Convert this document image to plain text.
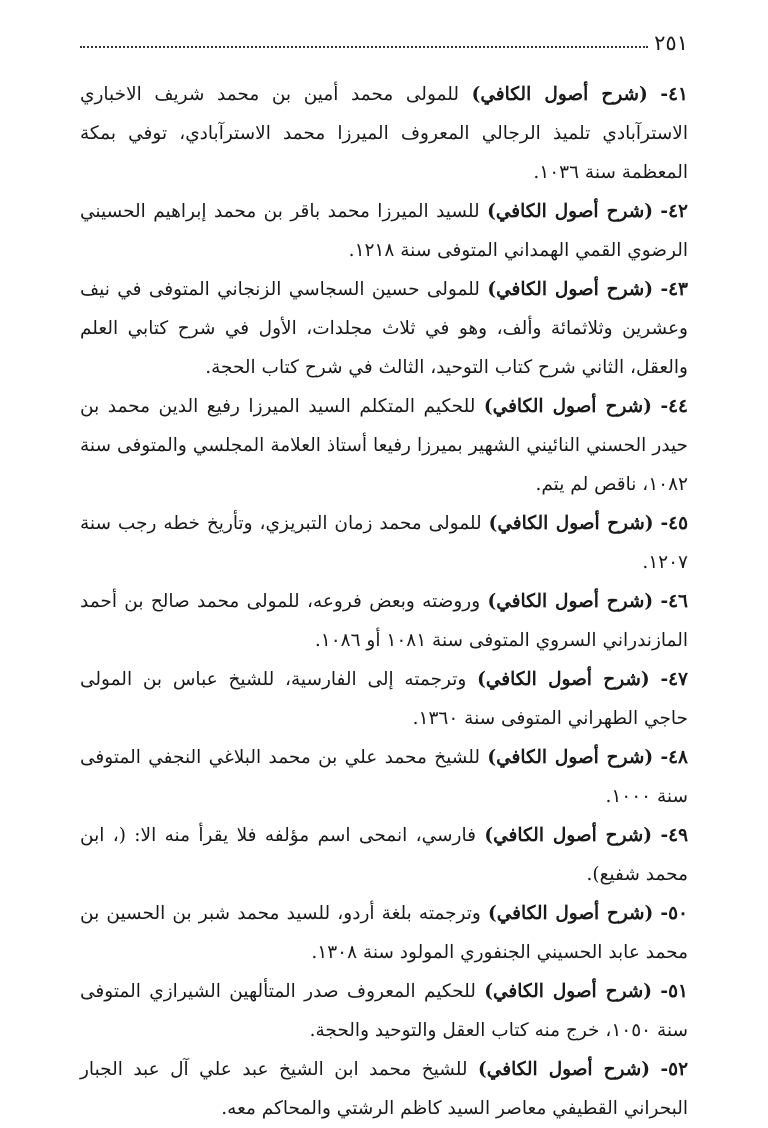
٢٥١

٤١- (شرح أصول الكافي) للمولى محمد أمين بن محمد شريف الاخباري الاسترآبادي تلميذ الرجالي المعروف الميرزا محمد الاسترآبادي، توفي بمكة المعظمة سنة ١٠٣٦.

٤٢- (شرح أصول الكافي) للسيد الميرزا محمد باقر بن محمد إبراهيم الحسيني الرضوي القمي الهمداني المتوفى سنة ١٢١٨.

٤٣- (شرح أصول الكافي) للمولى حسين السجاسي الزنجاني المتوفى في نيف وعشرين وثلاثمائة وألف، وهو في ثلاث مجلدات، الأول في شرح كتابي العلم والعقل، الثاني شرح كتاب التوحيد، الثالث في شرح كتاب الحجة.

٤٤- (شرح أصول الكافي) للحكيم المتكلم السيد الميرزا رفيع الدين محمد بن حيدر الحسني النائيني الشهير بميرزا رفيعا أستاذ العلامة المجلسي والمتوفى سنة ١٠٨٢، ناقص لم يتم.

٤٥- (شرح أصول الكافي) للمولى محمد زمان التبريزي، وتأريخ خطه رجب سنة ١٢٠٧.

٤٦- (شرح أصول الكافي) وروضته وبعض فروعه، للمولى محمد صالح بن أحمد المازندراني السروي المتوفى سنة ١٠٨١ أو ١٠٨٦.

٤٧- (شرح أصول الكافي) وترجمته إلى الفارسية، للشيخ عباس بن المولى حاجي الطهراني المتوفى سنة ١٣٦٠.

٤٨- (شرح أصول الكافي) للشيخ محمد علي بن محمد البلاغي النجفي المتوفى سنة ١٠٠٠.

٤٩- (شرح أصول الكافي) فارسي، انمحى اسم مؤلفه فلا يقرأ منه الا: (، ابن محمد شفيع).

٥٠- (شرح أصول الكافي) وترجمته بلغة أردو، للسيد محمد شبر بن الحسين بن محمد عابد الحسيني الجنفوري المولود سنة ١٣٠٨.

٥١- (شرح أصول الكافي) للحكيم المعروف صدر المتألهين الشيرازي المتوفى سنة ١٠٥٠، خرج منه كتاب العقل والتوحيد والحجة.

٥٢- (شرح أصول الكافي) للشيخ محمد ابن الشيخ عبد علي آل عبد الجبار البحراني القطيفي معاصر السيد كاظم الرشتي والمحاكم معه.
